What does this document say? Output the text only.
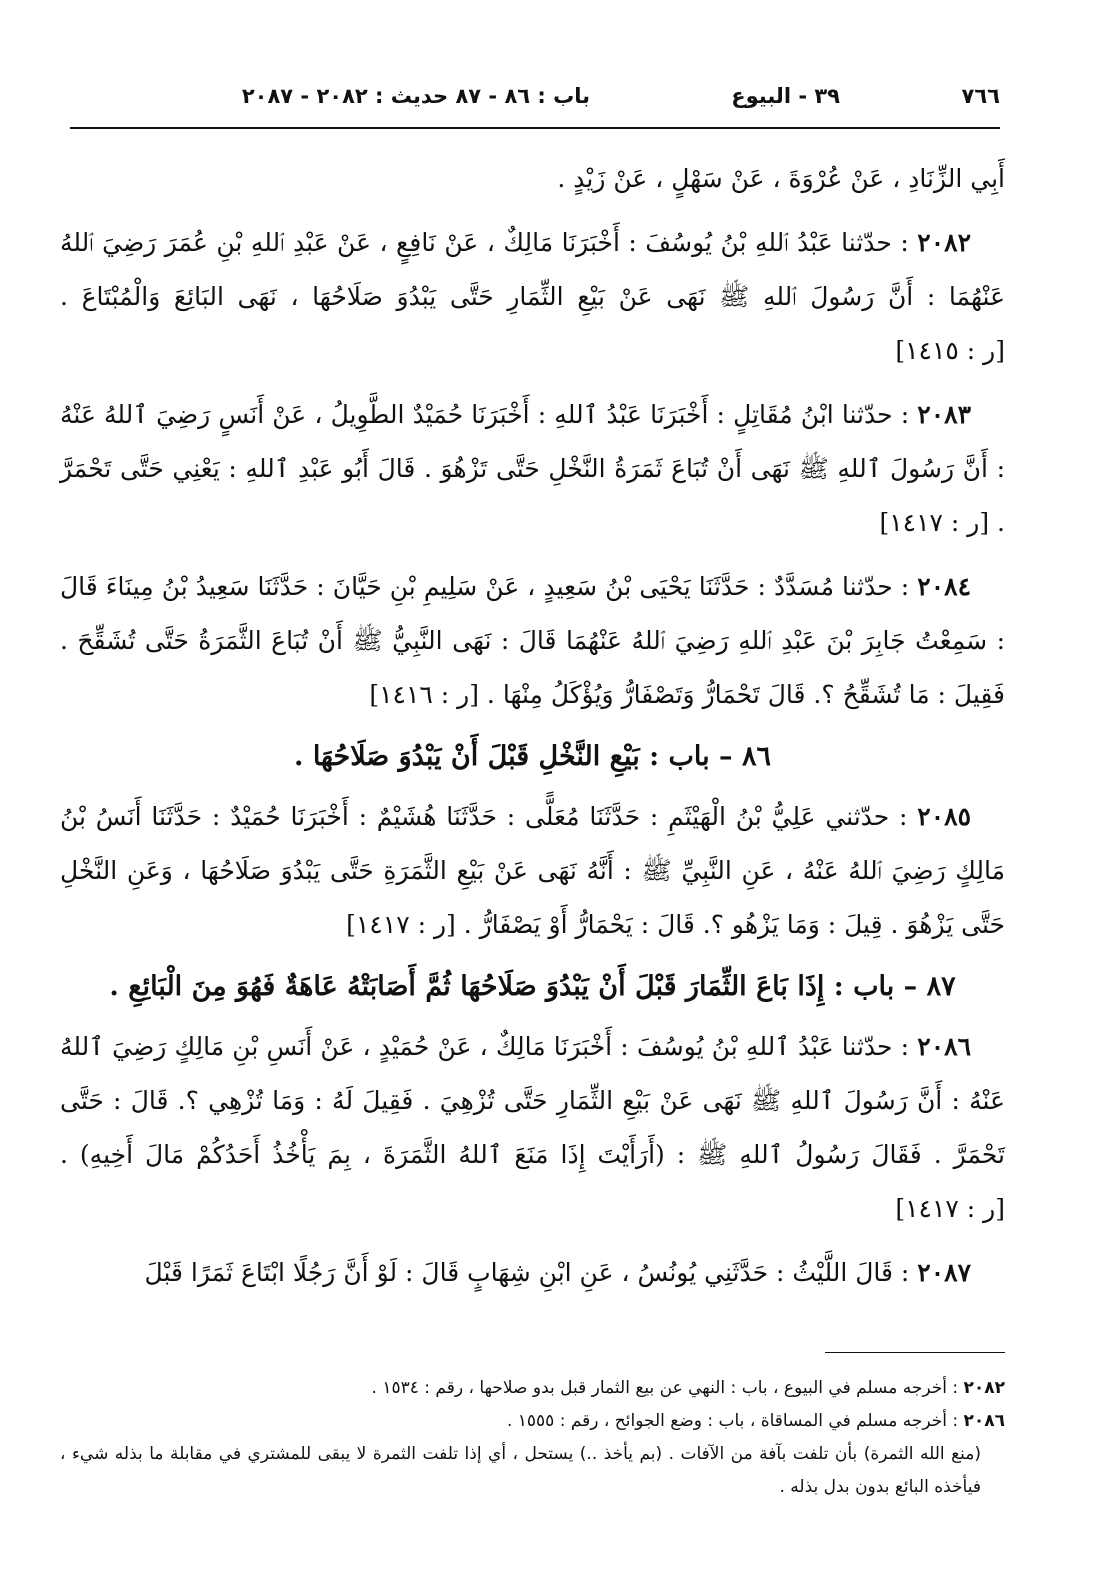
٧٦٦
٣٩ - البيوع
باب : ٨٦ - ٨٧ حديث : ٢٠٨٢ - ٢٠٨٧

أَبِي الزِّنَادِ ، عَنْ عُرْوَةَ ، عَنْ سَهْلٍ ، عَنْ زَيْدٍ .

٢٠٨٢ : حدّثنا عَبْدُ ٱللهِ بْنُ يُوسُفَ : أَخْبَرَنَا مَالِكٌ ، عَنْ نَافِعٍ ، عَنْ عَبْدِ ٱللهِ بْنِ عُمَرَ رَضِيَ ٱللهُ عَنْهُمَا : أَنَّ رَسُولَ ٱللهِ ﷺ نَهَى عَنْ بَيْعِ الثِّمَارِ حَتَّى يَبْدُوَ صَلَاحُهَا ، نَهَى البَائِعَ وَالْمُبْتَاعَ . [ر : ١٤١٥]

٢٠٨٣ : حدّثنا ابْنُ مُقَاتِلٍ : أَخْبَرَنَا عَبْدُ ٱللهِ : أَخْبَرَنَا حُمَيْدٌ الطَّوِيلُ ، عَنْ أَنَسٍ رَضِيَ ٱللهُ عَنْهُ : أَنَّ رَسُولَ ٱللهِ ﷺ نَهَى أَنْ تُبَاعَ ثَمَرَةُ النَّخْلِ حَتَّى تَزْهُوَ . قَالَ أَبُو عَبْدِ ٱللهِ : يَعْنِي حَتَّى تَحْمَرَّ . [ر : ١٤١٧]

٢٠٨٤ : حدّثنا مُسَدَّدٌ : حَدَّثَنَا يَحْيَى بْنُ سَعِيدٍ ، عَنْ سَلِيمِ بْنِ حَيَّانَ : حَدَّثَنَا سَعِيدُ بْنُ مِينَاءَ قَالَ : سَمِعْتُ جَابِرَ بْنَ عَبْدِ ٱللهِ رَضِيَ ٱللهُ عَنْهُمَا قَالَ : نَهَى النَّبِيُّ ﷺ أَنْ تُبَاعَ الثَّمَرَةُ حَتَّى تُشَقِّحَ . فَقِيلَ : مَا تُشَقِّحُ ؟. قَالَ تَحْمَارُّ وَتَصْفَارُّ وَيُؤْكَلُ مِنْهَا . [ر : ١٤١٦]

٨٦ – باب : بَيْعِ النَّخْلِ قَبْلَ أَنْ يَبْدُوَ صَلَاحُهَا .

٢٠٨٥ : حدّثني عَلِيُّ بْنُ الْهَيْثَمِ : حَدَّثَنَا مُعَلًّى : حَدَّثَنَا هُشَيْمٌ : أَخْبَرَنَا حُمَيْدٌ : حَدَّثَنَا أَنَسُ بْنُ مَالِكٍ رَضِيَ ٱللهُ عَنْهُ ، عَنِ النَّبِيِّ ﷺ : أَنَّهُ نَهَى عَنْ بَيْعِ الثَّمَرَةِ حَتَّى يَبْدُوَ صَلَاحُهَا ، وَعَنِ النَّخْلِ حَتَّى يَزْهُوَ . قِيلَ : وَمَا يَزْهُو ؟. قَالَ : يَحْمَارُّ أَوْ يَصْفَارُّ . [ر : ١٤١٧]

٨٧ – باب : إِذَا بَاعَ الثِّمَارَ قَبْلَ أَنْ يَبْدُوَ صَلَاحُهَا ثُمَّ أَصَابَتْهُ عَاهَةٌ فَهُوَ مِنَ الْبَائِعِ .

٢٠٨٦ : حدّثنا عَبْدُ ٱللهِ بْنُ يُوسُفَ : أَخْبَرَنَا مَالِكٌ ، عَنْ حُمَيْدٍ ، عَنْ أَنَسِ بْنِ مَالِكٍ رَضِيَ ٱللهُ عَنْهُ : أَنَّ رَسُولَ ٱللهِ ﷺ نَهَى عَنْ بَيْعِ الثِّمَارِ حَتَّى تُزْهِيَ . فَقِيلَ لَهُ : وَمَا تُزْهِي ؟. قَالَ : حَتَّى تَحْمَرَّ . فَقَالَ رَسُولُ ٱللهِ ﷺ : (أَرَأَيْتَ إِذَا مَنَعَ ٱللهُ الثَّمَرَةَ ، بِمَ يَأْخُذُ أَحَدُكُمْ مَالَ أَخِيهِ) . [ر : ١٤١٧]

٢٠٨٧ : قَالَ اللَّيْثُ : حَدَّثَنِي يُونُسُ ، عَنِ ابْنِ شِهَابٍ قَالَ : لَوْ أَنَّ رَجُلًا ابْتَاعَ ثَمَرًا قَبْلَ

٢٠٨٢ : أخرجه مسلم في البيوع ، باب : النهي عن بيع الثمار قبل بدو صلاحها ، رقم : ١٥٣٤ .

٢٠٨٦ : أخرجه مسلم في المساقاة ، باب : وضع الجوائح ، رقم : ١٥٥٥ .

(منع الله الثمرة) بأن تلفت بآفة من الآفات . (بم يأخذ ..) يستحل ، أي إذا تلفت الثمرة لا يبقى للمشتري في مقابلة ما بذله شيء ، فيأخذه البائع بدون بدل بذله .
